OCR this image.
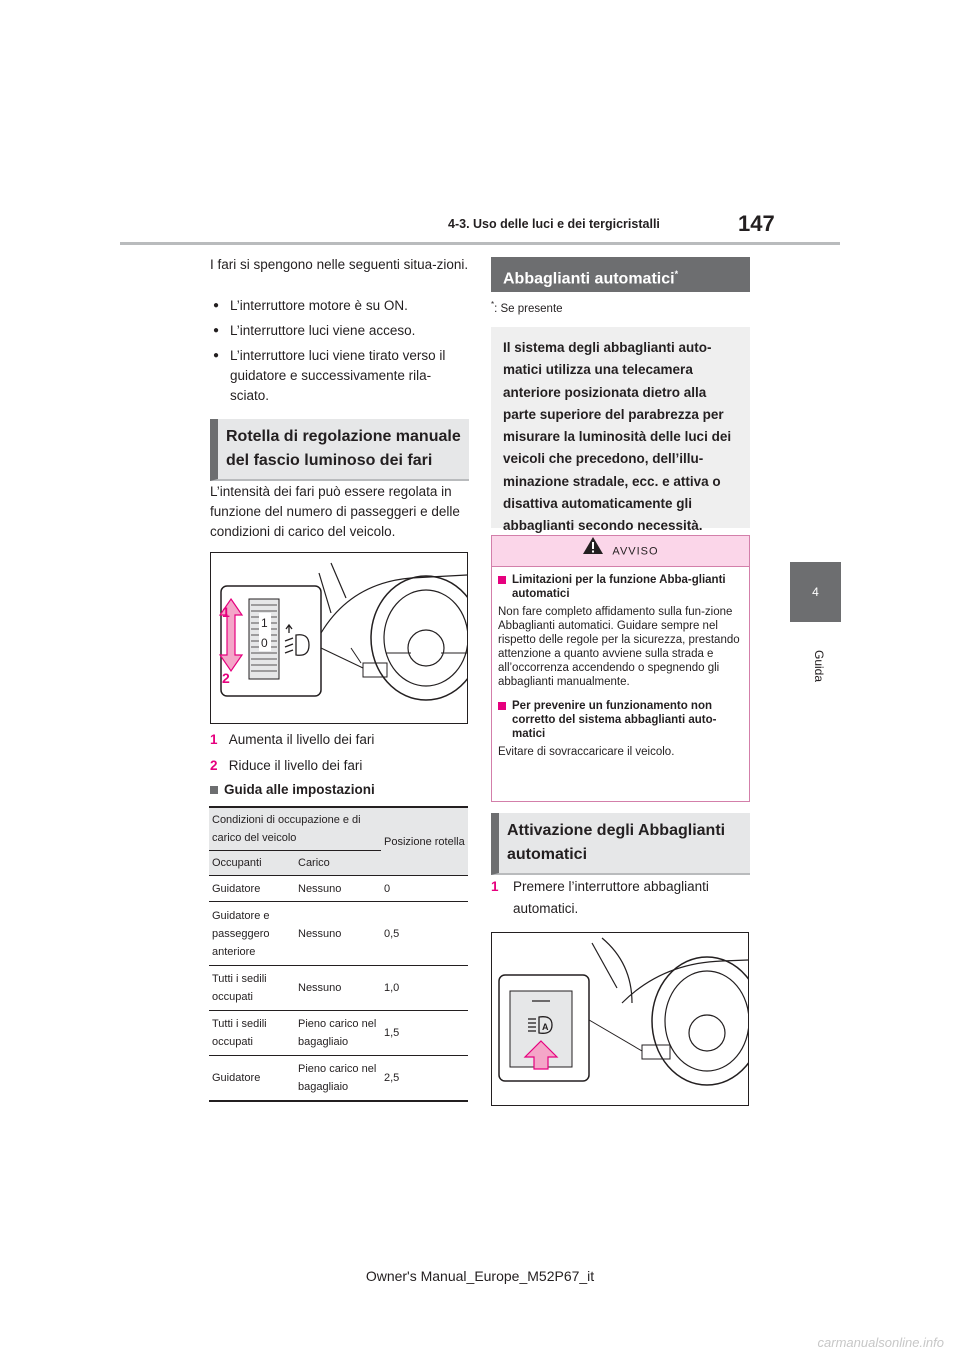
4-3. Uso delle luci e dei tergicristalli	147
4
Guida
I fari si spengono nelle seguenti situa-zioni.
● L’interruttore motore è su ON.
● L’interruttore luci viene acceso.
● L’interruttore luci viene tirato verso il guidatore e successivamente rila-sciato.
Rotella di regolazione manuale del fascio luminoso dei fari
L’intensità dei fari può essere regolata in funzione del numero di passeggeri e delle condizioni di carico del veicolo.
1
0
1
2
1 Aumenta il livello dei fari
2 Riduce il livello dei fari
Guida alle impostazioni
Condizioni di occupazione e di carico del veicolo		Posizione rotella
Occupanti	Carico	
Guidatore	Nessuno	0
Guidatore e passeggero anteriore	Nessuno	0,5
Tutti i sedili occupati	Nessuno	1,0
Tutti i sedili occupati	Pieno carico nel bagagliaio	1,5
Guidatore	Pieno carico nel bagagliaio	2,5
Abbaglianti automatici*
*: Se presente
Il sistema degli abbaglianti auto-matici utilizza una telecamera anteriore posizionata dietro alla parte superiore del parabrezza per misurare la luminosità delle luci dei veicoli che precedono, dell’illu-minazione stradale, ecc. e attiva o disattiva automaticamente gli abbaglianti secondo necessità.
AVVISO
Limitazioni per la funzione Abba-glianti automatici
Non fare completo affidamento sulla fun-zione Abbaglianti automatici. Guidare sempre nel rispetto delle regole per la sicurezza, prestando attenzione a quanto avviene sulla strada e all’occorrenza accendendo o spegnendo gli abbaglianti manualmente.
Per prevenire un funzionamento non corretto del sistema abbaglianti auto-matici
Evitare di sovraccaricare il veicolo.
Attivazione degli Abbaglianti automatici
1	Premere l’interruttore abbaglianti automatici.
A
Owner's Manual_Europe_M52P67_it
carmanualsonline.info
